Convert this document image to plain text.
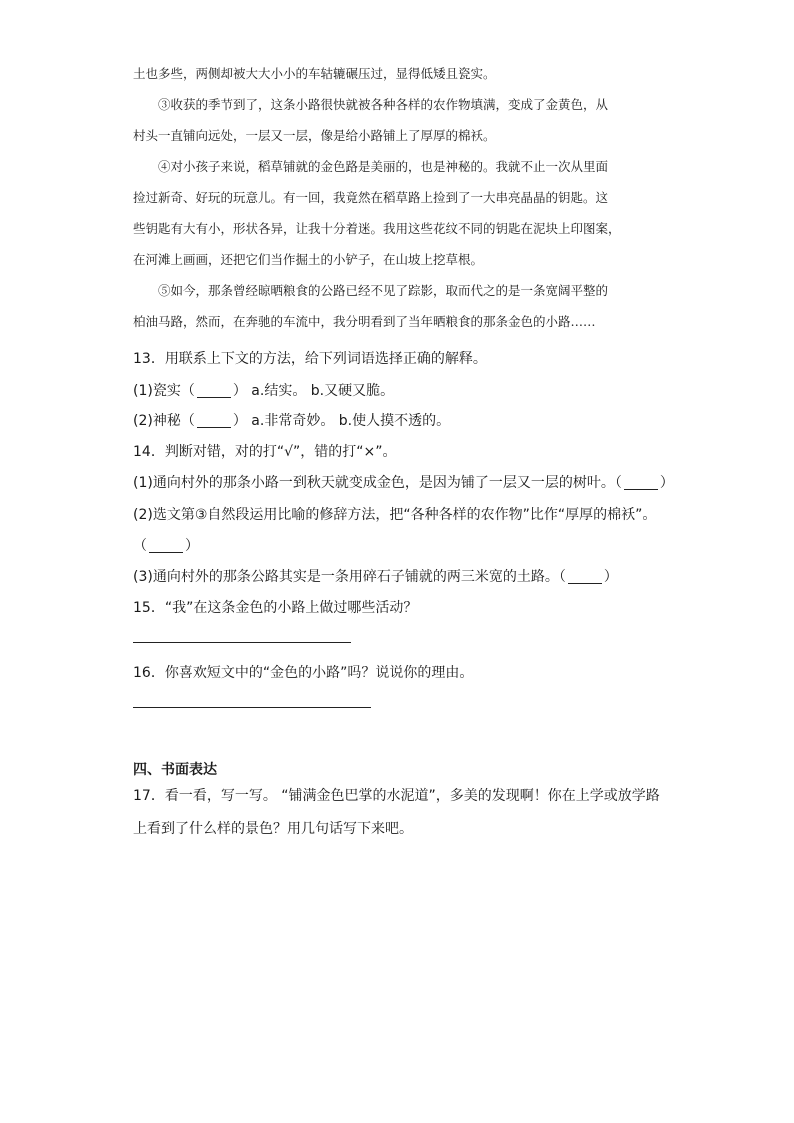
土也多些，两侧却被大大小小的车轱辘碾压过，显得低矮且瓷实。

③收获的季节到了，这条小路很快就被各种各样的农作物填满，变成了金黄色，从

村头一直铺向远处，一层又一层，像是给小路铺上了厚厚的棉袄。

④对小孩子来说，稻草铺就的金色路是美丽的，也是神秘的。我就不止一次从里面

捡过新奇、好玩的玩意儿。有一回，我竟然在稻草路上捡到了一大串亮晶晶的钥匙。这

些钥匙有大有小，形状各异，让我十分着迷。我用这些花纹不同的钥匙在泥块上印图案，

在河滩上画画，还把它们当作掘土的小铲子，在山坡上挖草根。

⑤如今，那条曾经晾晒粮食的公路已经不见了踪影，取而代之的是一条宽阔平整的

柏油马路，然而，在奔驰的车流中，我分明看到了当年晒粮食的那条金色的小路……

13．用联系上下文的方法，给下列词语选择正确的解释。
(1)瓷实（	） a.结实。 b.又硬又脆。
(2)神秘（	） a.非常奇妙。 b.使人摸不透的。
14．判断对错，对的打“√”，错的打“×”。
(1)通向村外的那条小路一到秋天就变成金色，是因为铺了一层又一层的树叶。（	）
(2)选文第③自然段运用比喻的修辞方法，把“各种各样的农作物”比作“厚厚的棉袄”。
（	）
(3)通向村外的那条公路其实是一条用碎石子铺就的两三米宽的土路。（	）
15．“我”在这条金色的小路上做过哪些活动？
16．你喜欢短文中的“金色的小路”吗？说说你的理由。
四、书面表达
17．看一看，写一写。 “铺满金色巴掌的水泥道”，多美的发现啊！你在上学或放学路
上看到了什么样的景色？用几句话写下来吧。
